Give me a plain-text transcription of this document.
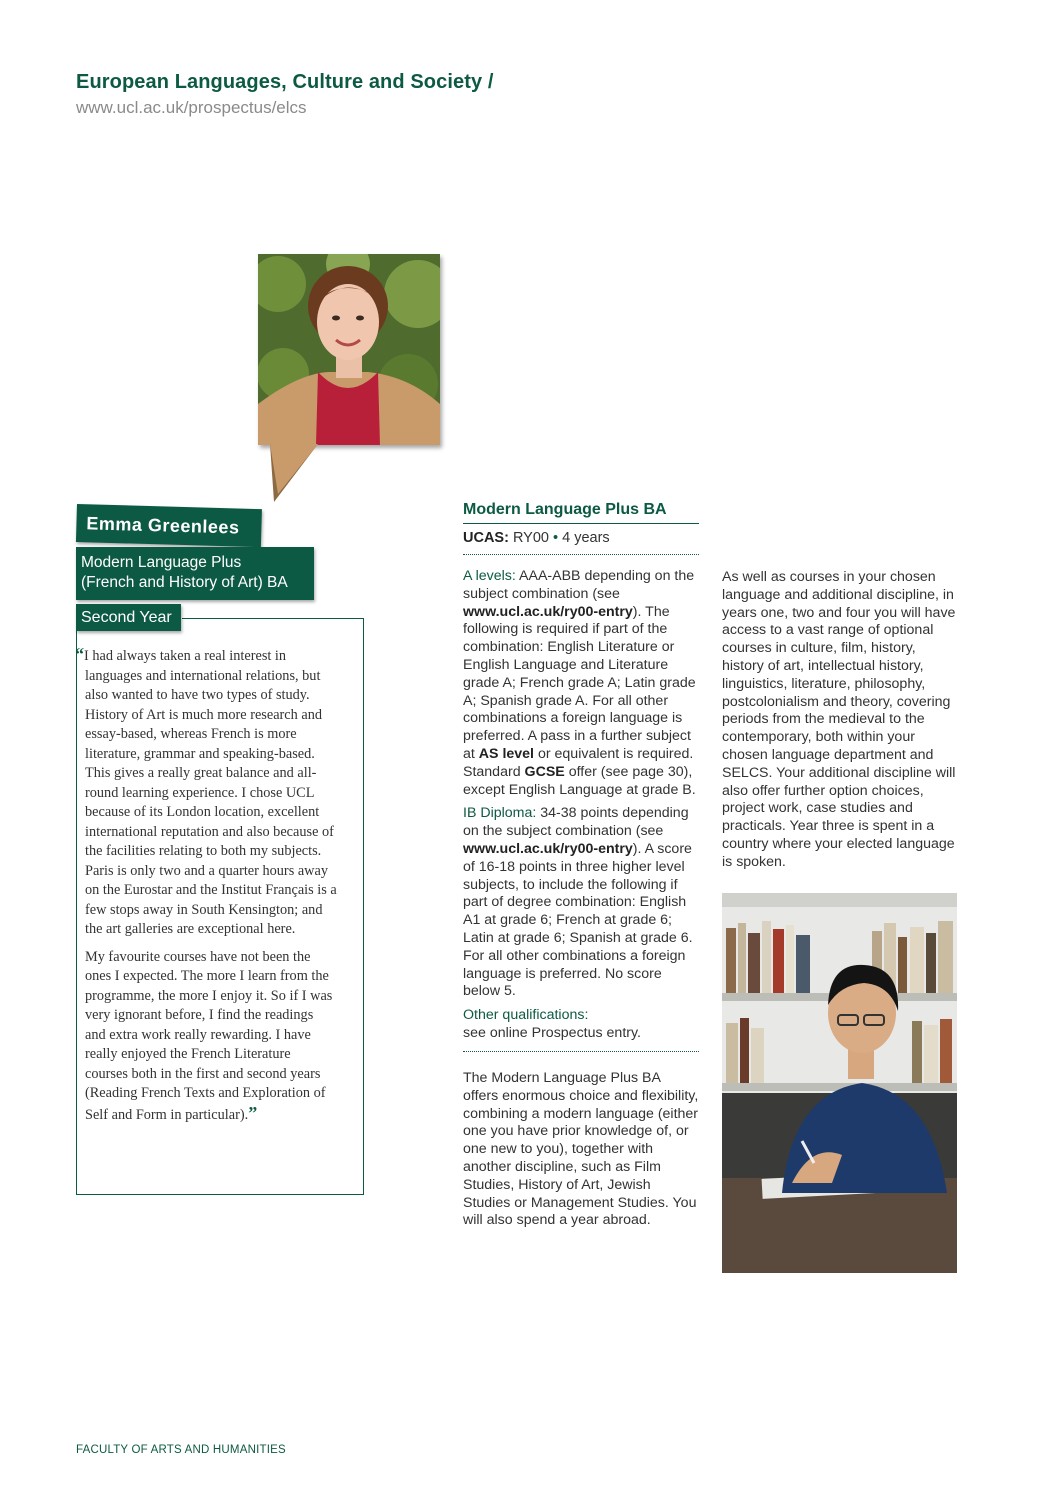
European Languages, Culture and Society /
www.ucl.ac.uk/prospectus/elcs
Emma Greenlees
Modern Language Plus
(French and History of Art) BA
Second Year

“I had always taken a real interest in languages and international relations, but also wanted to have two types of study. History of Art is much more research and essay-based, whereas French is more literature, grammar and speaking-based. This gives a really great balance and all-round learning experience. I chose UCL because of its London location, excellent international reputation and also because of the facilities relating to both my subjects. Paris is only two and a quarter hours away on the Eurostar and the Institut Français is a few stops away in South Kensington; and the art galleries are exceptional here.

My favourite courses have not been the ones I expected. The more I learn from the programme, the more I enjoy it. So if I was very ignorant before, I find the readings and extra work really rewarding. I have really enjoyed the French Literature courses both in the first and second years (Reading French Texts and Exploration of Self and Form in particular).”

Modern Language Plus BA
UCAS: RY00 • 4 years

A levels: AAA-ABB depending on the subject combination (see www.ucl.ac.uk/ry00-entry). The following is required if part of the combination: English Literature or English Language and Literature grade A; French grade A; Latin grade A; Spanish grade A. For all other combinations a foreign language is preferred. A pass in a further subject at AS level or equivalent is required. Standard GCSE offer (see page 30), except English Language at grade B.

IB Diploma: 34-38 points depending on the subject combination (see www.ucl.ac.uk/ry00-entry). A score of 16-18 points in three higher level subjects, to include the following if part of degree combination: English A1 at grade 6; French at grade 6; Latin at grade 6; Spanish at grade 6. For all other combinations a foreign language is preferred. No score below 5.

Other qualifications:
see online Prospectus entry.
The Modern Language Plus BA offers enormous choice and flexibility, combining a modern language (either one you have prior knowledge of, or one new to you), together with another discipline, such as Film Studies, History of Art, Jewish Studies or Management Studies. You will also spend a year abroad.
As well as courses in your chosen language and additional discipline, in years one, two and four you will have access to a vast range of optional courses in culture, film, history, history of art, intellectual history, linguistics, literature, philosophy, postcolonialism and theory, covering periods from the medieval to the contemporary, both within your chosen language department and SELCS. Your additional discipline will also offer further option choices, project work, case studies and practicals. Year three is spent in a country where your elected language is spoken.
FACULTY OF ARTS AND HUMANITIES
